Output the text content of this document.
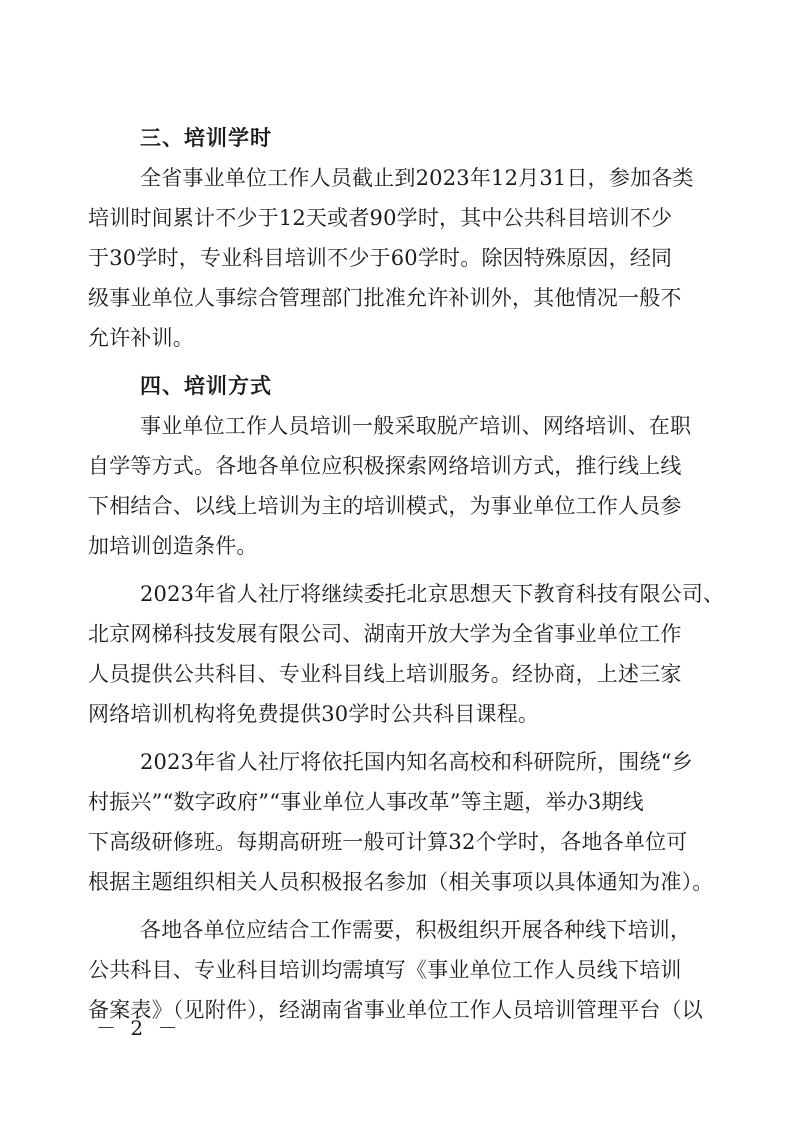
三、培训学时
全省事业单位工作人员截止到2023年12月31日，参加各类
培训时间累计不少于12天或者90学时，其中公共科目培训不少
于30学时，专业科目培训不少于60学时。除因特殊原因，经同
级事业单位人事综合管理部门批准允许补训外，其他情况一般不
允许补训。
四、培训方式
事业单位工作人员培训一般采取脱产培训、网络培训、在职
自学等方式。各地各单位应积极探索网络培训方式，推行线上线
下相结合、以线上培训为主的培训模式，为事业单位工作人员参
加培训创造条件。
2023年省人社厅将继续委托北京思想天下教育科技有限公司、
北京网梯科技发展有限公司、湖南开放大学为全省事业单位工作
人员提供公共科目、专业科目线上培训服务。经协商，上述三家
网络培训机构将免费提供30学时公共科目课程。
2023年省人社厅将依托国内知名高校和科研院所，围绕“乡
村振兴”“数字政府”“事业单位人事改革”等主题，举办3期线
下高级研修班。每期高研班一般可计算32个学时，各地各单位可
根据主题组织相关人员积极报名参加（相关事项以具体通知为准）。
各地各单位应结合工作需要，积极组织开展各种线下培训，
公共科目、专业科目培训均需填写《事业单位工作人员线下培训
备案表》（见附件），经湖南省事业单位工作人员培训管理平台（以
－ 2 －
